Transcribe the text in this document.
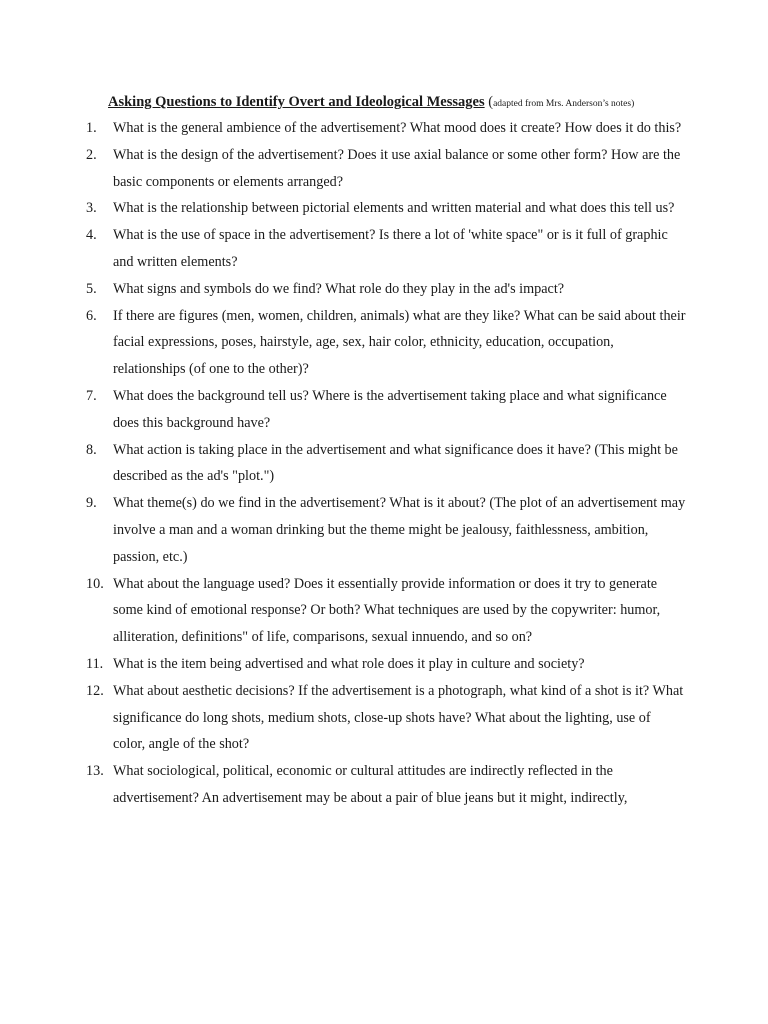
Asking Questions to Identify Overt and Ideological Messages (adapted from Mrs. Anderson’s notes)
1.	What is the general ambience of the advertisement? What mood does it create? How does it do this?
2.	What is the design of the advertisement? Does it use axial balance or some other form? How are the basic components or elements arranged?
3.	What is the relationship between pictorial elements and written material and what does this tell us?
4.	What is the use of space in the advertisement? Is there a lot of 'white space" or is it full of graphic and written elements?
5.	What signs and symbols do we find? What role do they play in the ad's impact?
6.	If there are figures (men, women, children, animals) what are they like? What can be said about their facial expressions, poses, hairstyle, age, sex, hair color, ethnicity, education, occupation, relationships (of one to the other)?
7.	What does the background tell us? Where is the advertisement taking place and what significance does this background have?
8.	What action is taking place in the advertisement and what significance does it have? (This might be described as the ad's "plot.")
9.	What theme(s) do we find in the advertisement? What is it about? (The plot of an advertisement may involve a man and a woman drinking but the theme might be jealousy, faithlessness, ambition, passion, etc.)
10. What about the language used? Does it essentially provide information or does it try to generate some kind of emotional response? Or both? What techniques are used by the copywriter: humor, alliteration, definitions" of life, comparisons, sexual innuendo, and so on?
11. What is the item being advertised and what role does it play in culture and society?
12. What about aesthetic decisions? If the advertisement is a photograph, what kind of a shot is it? What significance do long shots, medium shots, close-up shots have? What about the lighting, use of color, angle of the shot?
13. What sociological, political, economic or cultural attitudes are indirectly reflected in the advertisement? An advertisement may be about a pair of blue jeans but it might, indirectly,
